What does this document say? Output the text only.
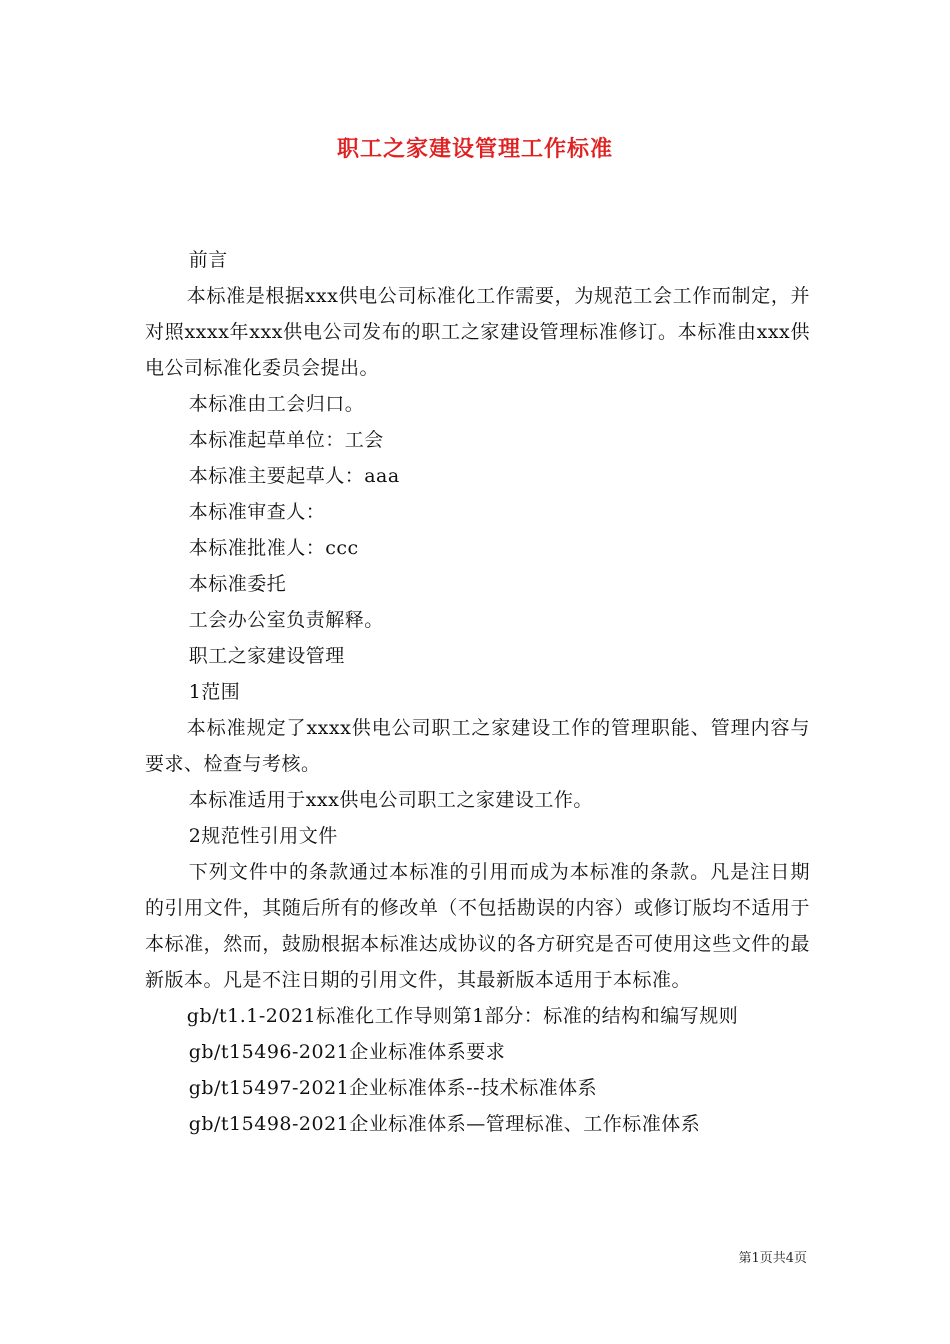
职工之家建设管理工作标准

前言

本标准是根据xxx供电公司标准化工作需要，为规范工会工作而制定，并对照xxxx年xxx供电公司发布的职工之家建设管理标准修订。本标准由xxx供电公司标准化委员会提出。

本标准由工会归口。

本标准起草单位：工会

本标准主要起草人：aaa

本标准审查人：

本标准批准人：ccc

本标准委托

工会办公室负责解释。

职工之家建设管理

1范围

本标准规定了xxxx供电公司职工之家建设工作的管理职能、管理内容与要求、检查与考核。

本标准适用于xxx供电公司职工之家建设工作。

2规范性引用文件

下列文件中的条款通过本标准的引用而成为本标准的条款。凡是注日期的引用文件，其随后所有的修改单（不包括勘误的内容）或修订版均不适用于本标准，然而，鼓励根据本标准达成协议的各方研究是否可使用这些文件的最新版本。凡是不注日期的引用文件，其最新版本适用于本标准。

gb/t1.1-2021标准化工作导则第1部分：标准的结构和编写规则

gb/t15496-2021企业标准体系要求

gb/t15497-2021企业标准体系--技术标准体系

gb/t15498-2021企业标准体系—管理标准、工作标准体系

第1页共4页
